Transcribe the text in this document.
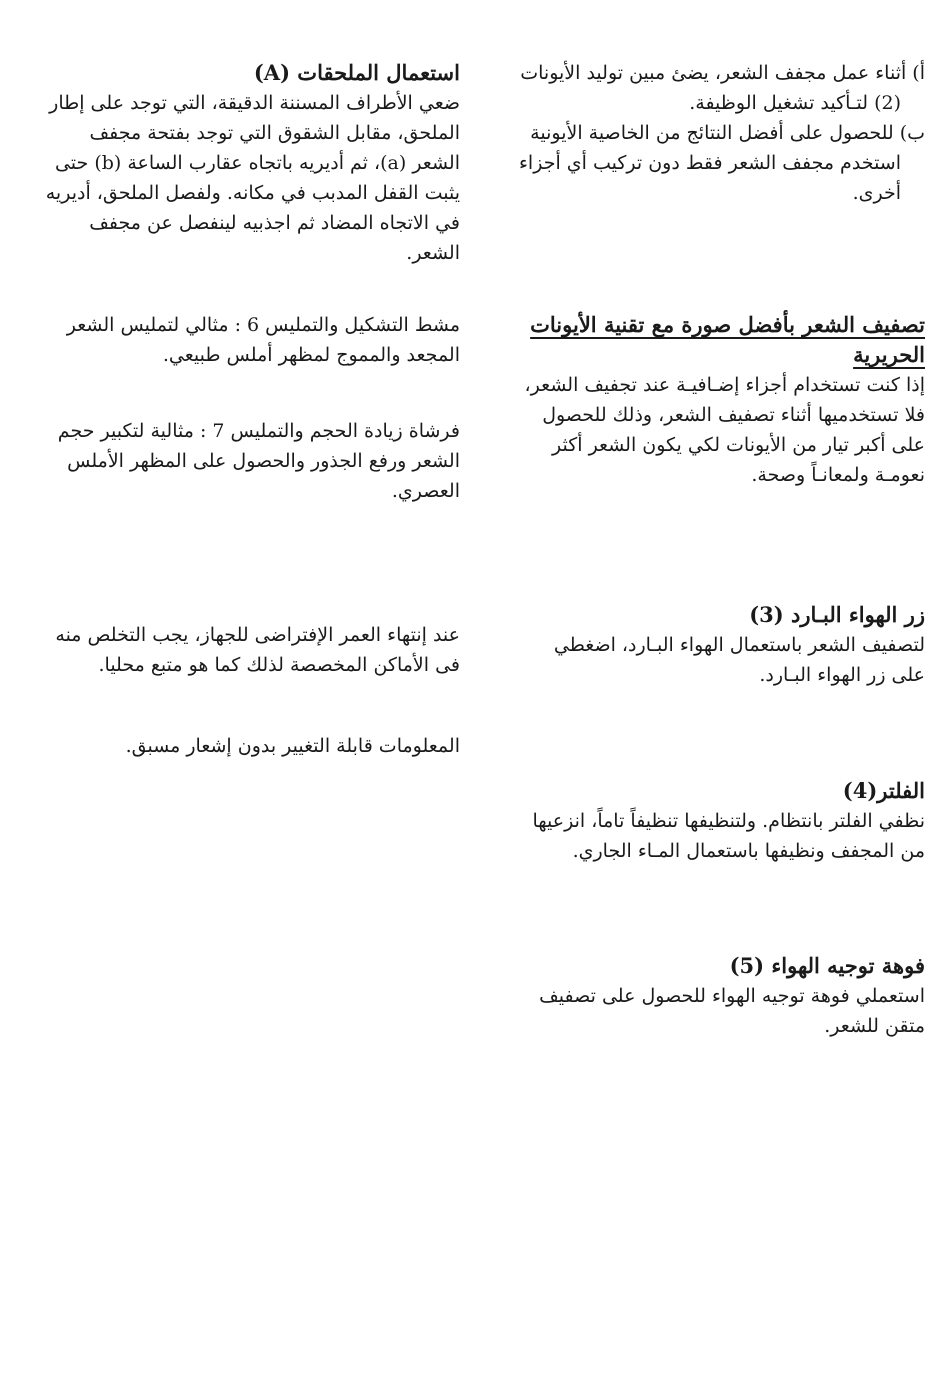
أ) أثناء عمل مجفف الشعر، يضئ مبين توليد الأيونات (2) لتـأكيد تشغيل الوظيفة.

ب) للحصول على أفضل النتائج من الخاصية الأيونية استخدم مجفف الشعر فقط دون تركيب أي أجزاء أخرى.

تصفيف الشعر بأفضل صورة مع تقنية الأيونات الحريرية

إذا كنت تستخدام أجزاء إضـافيـة عند تجفيف الشعر، فلا تستخدميها أثناء تصفيف الشعر، وذلك للحصول على أكبر تيار من الأيونات لكي يكون الشعر أكثر نعومـة ولمعانـاً وصحة.

زر الهواء البـارد (3)

لتصفيف الشعر باستعمال الهواء البـارد، اضغطي على زر الهواء البـارد.

الفلتر(4)

نظفي الفلتر بانتظام. ولتنظيفها تنظيفاً تاماً، انزعيها من المجفف ونظيفها باستعمال المـاء الجاري.

فوهة توجيه الهواء (5)

استعملي فوهة توجيه الهواء للحصول على تصفيف متقن للشعر.

استعمال الملحقات (A)

ضعي الأطراف المسننة الدقيقة، التي توجد على إطار الملحق، مقابل الشقوق التي توجد بفتحة مجفف الشعر (a)، ثم أديريه باتجاه عقارب الساعة (b) حتى يثبت القفل المدبب في مكانه. ولفصل الملحق، أديريه في الاتجاه المضاد ثم اجذبيه لينفصل عن مجفف الشعر.

مشط التشكيل والتمليس 6 : مثالي لتمليس الشعر المجعد والمموج لمظهر أملس طبيعي.

فرشاة زيادة الحجم والتمليس 7 : مثالية لتكبير حجم الشعر ورفع الجذور والحصول على المظهر الأملس العصري.

عند إنتهاء العمر الإفتراضى للجهاز، يجب التخلص منه فى الأماكن المخصصة لذلك كما هو متبع محليا.

المعلومات قابلة التغيير بدون إشعار مسبق.
